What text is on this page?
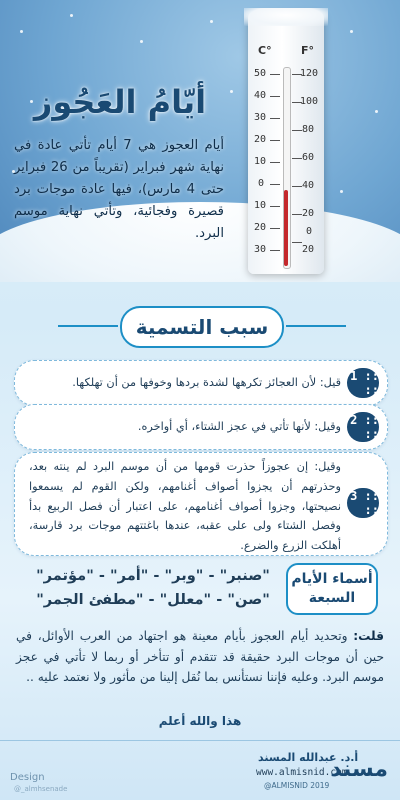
°C	°F
50
40
30
20
10
0
10
20
30
120
100
80
60
40
20
0
20
أيّامُ العَجُوز

أيام العجوز هي 7 أيام تأتي عادة في نهاية شهر فبراير (تقريباً من 26 فبراير حتى 4 مارس)، فيها عادة موجات برد قصيرة وفجائية، وتأتي نهاية موسم البرد.

سبب التسمية
:: 1 ::
قيل: لأن العجائز تكرهها لشدة بردها وخوفها من أن تهلكها.
:: 2 ::
وقيل: لأنها تأتي في عجز الشتاء، أي أواخره.
:: 3 ::
وقيل: إن عجوزاً حذرت قومها من أن موسم البرد لم ينته بعد، وحذرتهم أن يجزوا أصواف أغنامهم، ولكن القوم لم يسمعوا نصيحتها، وجزوا أصواف أغنامهم، على اعتبار أن فصل الربيع بدأ وفصل الشتاء ولى على عقبه، عندها باغتتهم موجات برد قارسة، أهلكت الزرع والضرع.
أسماء الأيام
السبعة
"صنبر" - "وبر" - "أمر" - "مؤتمر"
"صن" - "معلل" - "مطفئ الجمر"

قلت: وتحديد أيام العجوز بأيام معينة هو اجتهاد من العرب الأوائل، في حين أن موجات البرد حقيقة قد تتقدم أو تتأخر أو ربما لا تأتي في عجز موسم البرد. وعليه فإننا نستأنس بما نُقل إلينا من مأثور ولا نعتمد عليه ..

هذا والله أعلم
أ.د. عبدالله المسند
www.almisnid.com
@ALMISNID 2019
مسند
Design
@_almhsenade
